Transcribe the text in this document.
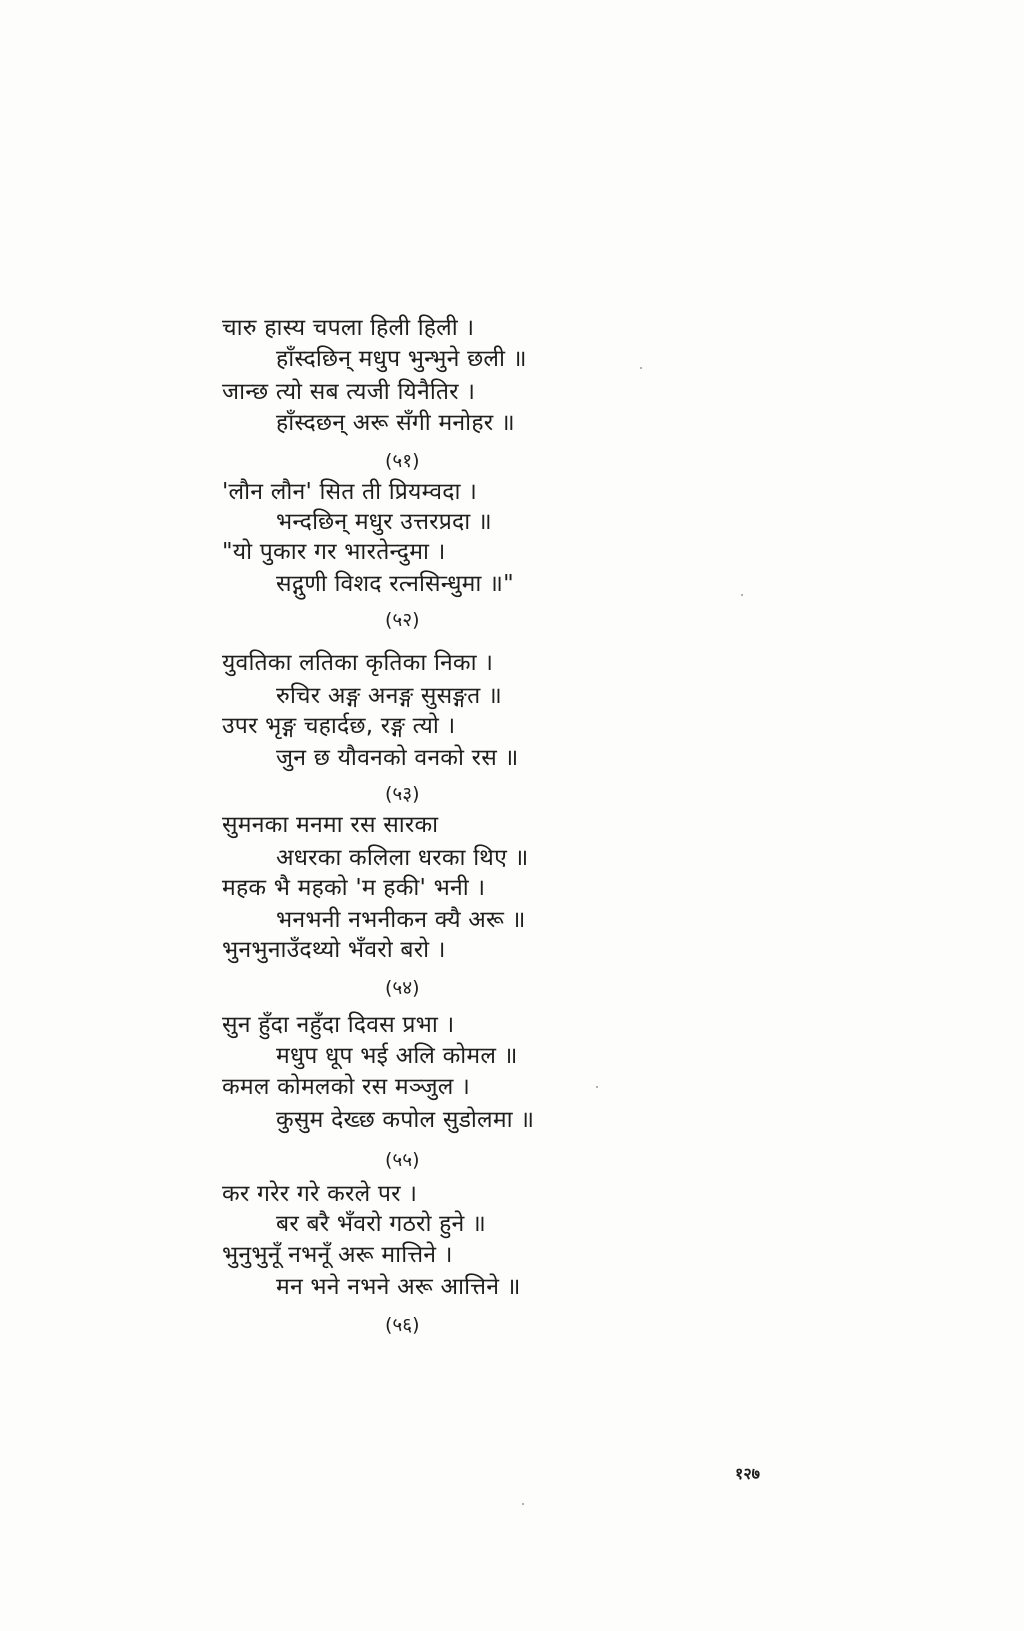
चारु हास्य चपला हिली हिली ।
हाँस्दछिन् मधुप भुन्भुने छली ॥
जान्छ त्यो सब त्यजी यिनैतिर ।
हाँस्दछन् अरू सँगी मनोहर ॥
(५१)
'लौन लौन' सित ती प्रियम्वदा ।
भन्दछिन् मधुर उत्तरप्रदा ॥
"यो पुकार गर भारतेन्दुमा ।
सद्गुणी विशद रत्नसिन्धुमा ॥"
(५२)
युवतिका लतिका कृतिका निका ।
रुचिर अङ्ग अनङ्ग सुसङ्गत ॥
उपर भृङ्ग चहार्दछ, रङ्ग त्यो ।
जुन छ यौवनको वनको रस ॥
(५३)
सुमनका मनमा रस सारका
अधरका कलिला धरका थिए ॥
महक भै महको 'म हकी' भनी ।
भनभनी नभनीकन क्यै अरू ॥
भुनभुनाउँदथ्यो भँवरो बरो ।
(५४)
सुन हुँदा नहुँदा दिवस प्रभा ।
मधुप धूप भई अलि कोमल ॥
कमल कोमलको रस मञ्जुल ।
कुसुम देख्छ कपोल सुडोलमा ॥
(५५)
कर गरेर गरे करले पर ।
बर बरै भँवरो गठरो हुने ॥
भुनुभुनूँ नभनूँ अरू मात्तिने ।
मन भने नभने अरू आत्तिने ॥
(५६)
१२७
